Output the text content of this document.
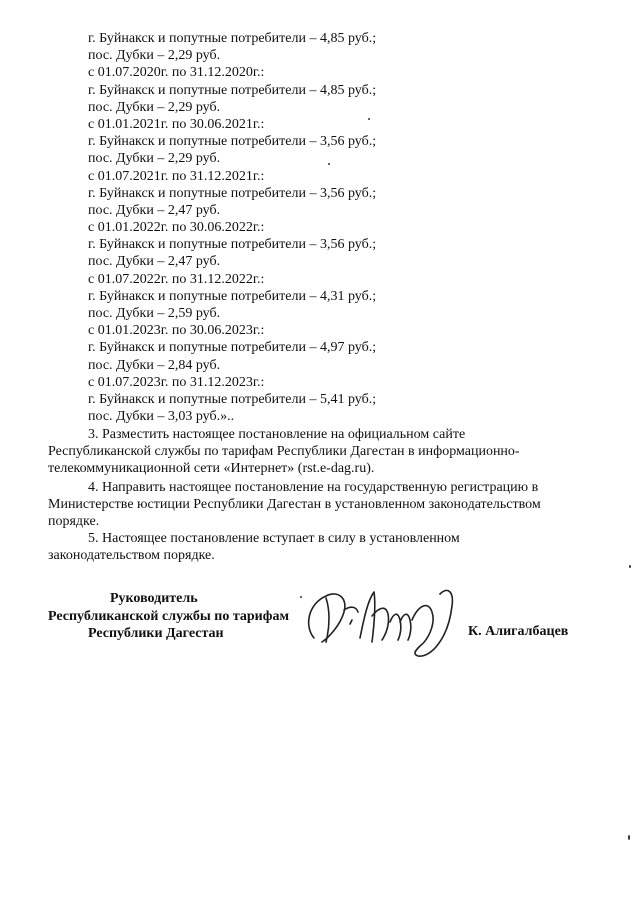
г. Буйнакск и попутные потребители – 4,85 руб.;
пос. Дубки – 2,29 руб.
с 01.07.2020г. по 31.12.2020г.:
г. Буйнакск и попутные потребители – 4,85 руб.;
пос. Дубки – 2,29 руб.
с 01.01.2021г. по 30.06.2021г.:
г. Буйнакск и попутные потребители – 3,56 руб.;
пос. Дубки – 2,29 руб.
с 01.07.2021г. по 31.12.2021г.:
г. Буйнакск и попутные потребители – 3,56 руб.;
пос. Дубки – 2,47 руб.
с 01.01.2022г. по 30.06.2022г.:
г. Буйнакск и попутные потребители – 3,56 руб.;
пос. Дубки – 2,47 руб.
с 01.07.2022г. по 31.12.2022г.:
г. Буйнакск и попутные потребители – 4,31 руб.;
пос. Дубки – 2,59 руб.
с 01.01.2023г. по 30.06.2023г.:
г. Буйнакск и попутные потребители – 4,97 руб.;
пос. Дубки – 2,84 руб.
с 01.07.2023г. по 31.12.2023г.:
г. Буйнакск и попутные потребители – 5,41 руб.;
пос. Дубки – 3,03 руб.»..
3. Разместить настоящее постановление на официальном сайте
Республиканской службы по тарифам Республики Дагестан в информационно-
телекоммуникационной сети «Интернет» (rst.e-dag.ru).
4. Направить настоящее постановление на государственную регистрацию в
Министерстве юстиции Республики Дагестан в установленном законодательством
порядке.
5. Настоящее постановление вступает в силу в установленном
законодательством порядке.
Руководитель
Республиканской службы по тарифам
Республики Дагестан	К. Алигалбацев
